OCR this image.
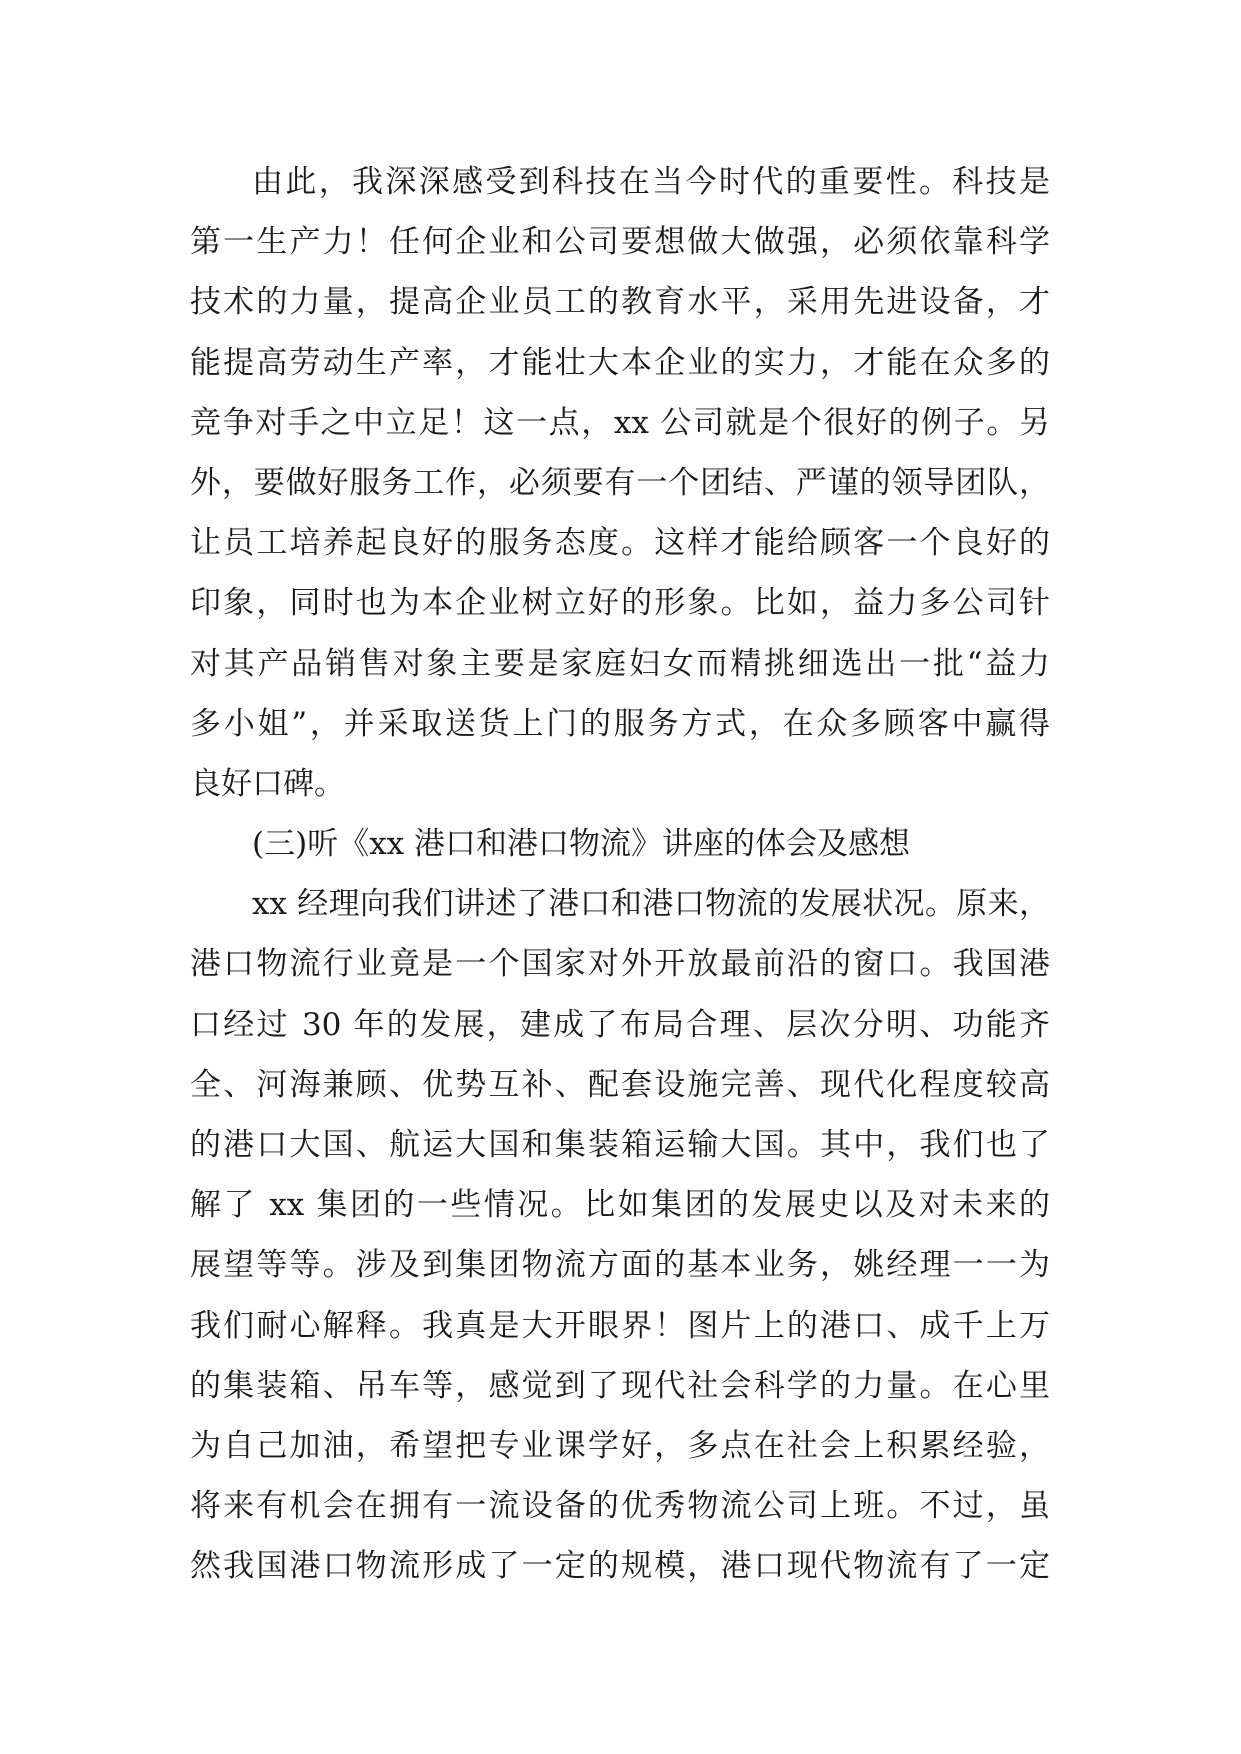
由此，我深深感受到科技在当今时代的重要性。科技是
第一生产力！任何企业和公司要想做大做强，必须依靠科学
技术的力量，提高企业员工的教育水平，采用先进设备，才
能提高劳动生产率，才能壮大本企业的实力，才能在众多的
竞争对手之中立足！这一点，xx 公司就是个很好的例子。另
外，要做好服务工作，必须要有一个团结、严谨的领导团队，
让员工培养起良好的服务态度。这样才能给顾客一个良好的
印象，同时也为本企业树立好的形象。比如，益力多公司针
对其产品销售对象主要是家庭妇女而精挑细选出一批“益力
多小姐”，并采取送货上门的服务方式，在众多顾客中赢得
良好口碑。
(三)听《xx 港口和港口物流》讲座的体会及感想
xx 经理向我们讲述了港口和港口物流的发展状况。原来，
港口物流行业竟是一个国家对外开放最前沿的窗口。我国港
口经过 30 年的发展，建成了布局合理、层次分明、功能齐
全、河海兼顾、优势互补、配套设施完善、现代化程度较高
的港口大国、航运大国和集装箱运输大国。其中，我们也了
解了 xx 集团的一些情况。比如集团的发展史以及对未来的
展望等等。涉及到集团物流方面的基本业务，姚经理一一为
我们耐心解释。我真是大开眼界！图片上的港口、成千上万
的集装箱、吊车等，感觉到了现代社会科学的力量。在心里
为自己加油，希望把专业课学好，多点在社会上积累经验，
将来有机会在拥有一流设备的优秀物流公司上班。不过，虽
然我国港口物流形成了一定的规模，港口现代物流有了一定
